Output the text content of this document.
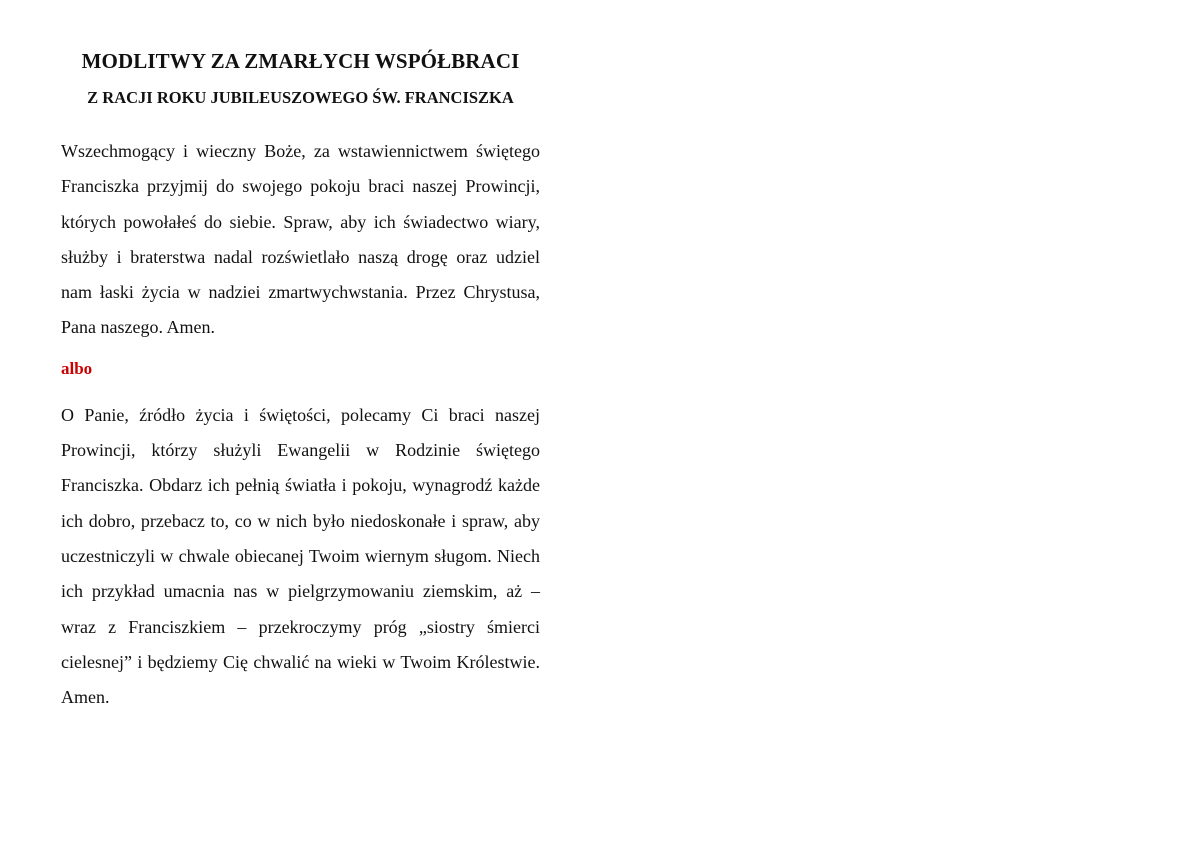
MODLITWY ZA ZMARŁYCH WSPÓŁBRACI
Z RACJI ROKU JUBILEUSZOWEGO ŚW. FRANCISZKA

Wszechmogący i wieczny Boże, za wstawiennictwem świętego Franciszka przyjmij do swojego pokoju braci naszej Prowincji, których powołałeś do siebie. Spraw, aby ich świadectwo wiary, służby i braterstwa nadal rozświetlało naszą drogę oraz udziel nam łaski życia w nadziei zmartwychwstania. Przez Chrystusa, Pana naszego. Amen.

albo

O Panie, źródło życia i świętości, polecamy Ci braci naszej Prowincji, którzy służyli Ewangelii w Rodzinie świętego Franciszka. Obdarz ich pełnią światła i pokoju, wynagrodź każde ich dobro, przebacz to, co w nich było niedoskonałe i spraw, aby uczestniczyli w chwale obiecanej Twoim wiernym sługom. Niech ich przykład umacnia nas w pielgrzymowaniu ziemskim, aż – wraz z Franciszkiem – przekroczymy próg „siostry śmierci cielesnej” i będziemy Cię chwalić na wieki w Twoim Królestwie. Amen.
